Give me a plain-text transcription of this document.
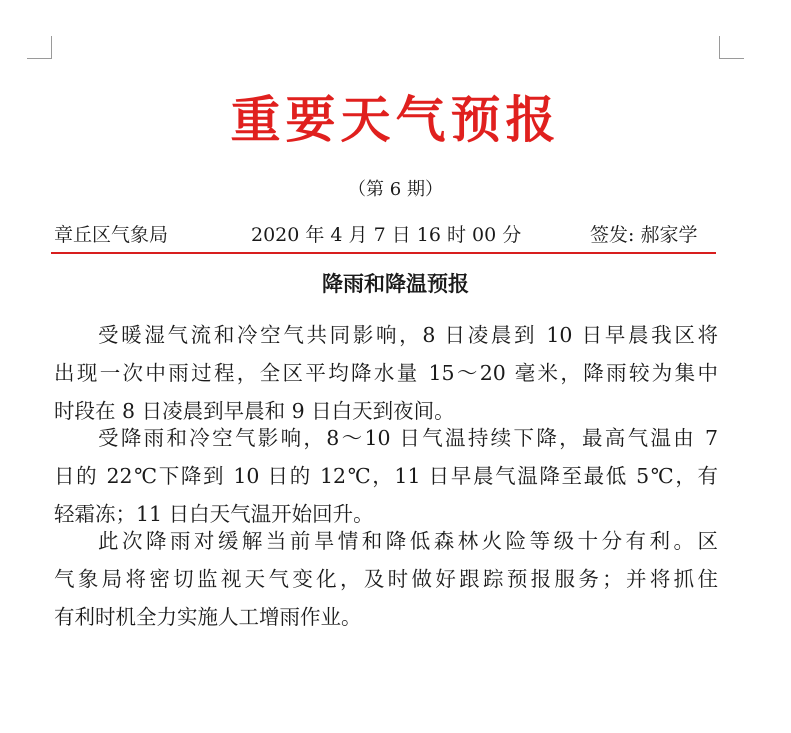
重要天气预报
（第 6 期）
章丘区气象局	2020 年 4 月 7 日 16 时 00 分	签发: 郝家学
降雨和降温预报
受暖湿气流和冷空气共同影响，8 日凌晨到 10 日早晨我区将
出现一次中雨过程，全区平均降水量 15～20 毫米，降雨较为集中
时段在 8 日凌晨到早晨和 9 日白天到夜间。
受降雨和冷空气影响，8～10 日气温持续下降，最高气温由 7
日的 22℃下降到 10 日的 12℃，11 日早晨气温降至最低 5℃，有
轻霜冻；11 日白天气温开始回升。
此次降雨对缓解当前旱情和降低森林火险等级十分有利。区
气象局将密切监视天气变化，及时做好跟踪预报服务；并将抓住
有利时机全力实施人工增雨作业。
